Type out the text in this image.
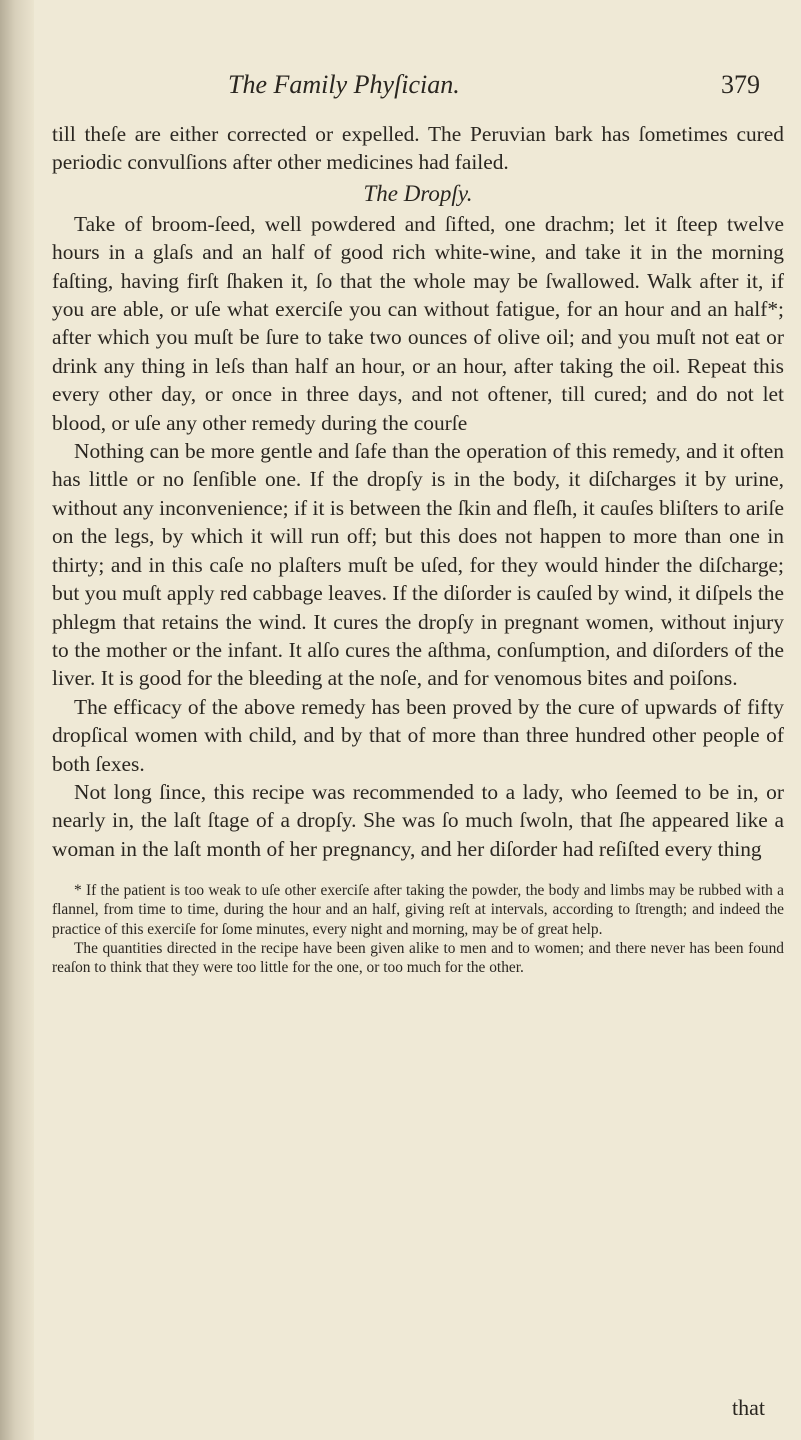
The Family Phyſician.	379

till theſe are either corrected or expelled. The Peruvian bark has ſometimes cured periodic convulſions after other medicines had failed.

The Dropſy.

Take of broom-ſeed, well powdered and ſifted, one drachm; let it ſteep twelve hours in a glaſs and an half of good rich white-wine, and take it in the morning faſting, having firſt ſhaken it, ſo that the whole may be ſwallowed. Walk after it, if you are able, or uſe what exerciſe you can without fatigue, for an hour and an half*; after which you muſt be ſure to take two ounces of olive oil; and you muſt not eat or drink any thing in leſs than half an hour, or an hour, after taking the oil. Repeat this every other day, or once in three days, and not oftener, till cured; and do not let blood, or uſe any other remedy during the courſe

Nothing can be more gentle and ſafe than the operation of this remedy, and it often has little or no ſenſible one. If the dropſy is in the body, it diſcharges it by urine, without any inconvenience; if it is between the ſkin and fleſh, it cauſes bliſters to ariſe on the legs, by which it will run off; but this does not happen to more than one in thirty; and in this caſe no plaſters muſt be uſed, for they would hinder the diſcharge; but you muſt apply red cabbage leaves. If the diſorder is cauſed by wind, it diſpels the phlegm that retains the wind. It cures the dropſy in pregnant women, without injury to the mother or the infant. It alſo cures the aſthma, conſumption, and diſorders of the liver. It is good for the bleeding at the noſe, and for venomous bites and poiſons.

The efficacy of the above remedy has been proved by the cure of upwards of fifty dropſical women with child, and by that of more than three hundred other people of both ſexes.

Not long ſince, this recipe was recommended to a lady, who ſeemed to be in, or nearly in, the laſt ſtage of a dropſy. She was ſo much ſwoln, that ſhe appeared like a woman in the laſt month of her pregnancy, and her diſorder had reſiſted every thing

* If the patient is too weak to uſe other exerciſe after taking the powder, the body and limbs may be rubbed with a flannel, from time to time, during the hour and an half, giving reſt at intervals, according to ſtrength; and indeed the practice of this exerciſe for ſome minutes, every night and morning, may be of great help.

The quantities directed in the recipe have been given alike to men and to women; and there never has been found reaſon to think that they were too little for the one, or too much for the other.

that
